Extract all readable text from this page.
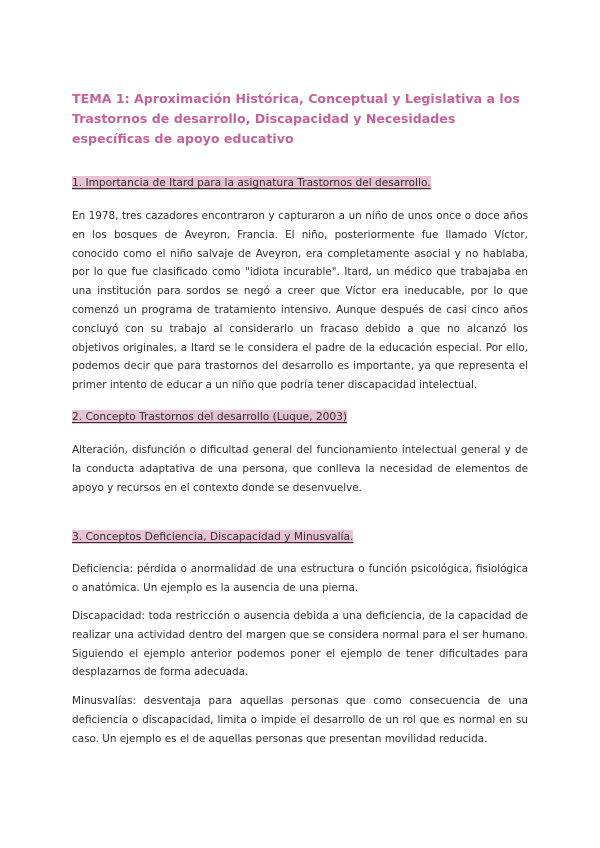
TEMA 1: Aproximación Histórica, Conceptual y Legislativa a los Trastornos de desarrollo, Discapacidad y Necesidades específicas de apoyo educativo

1. Importancia de Itard para la asignatura Trastornos del desarrollo.

En 1978, tres cazadores encontraron y capturaron a un niño de unos once o doce años en los bosques de Aveyron, Francia. El niño, posteriormente fue llamado Víctor, conocido como el niño salvaje de Aveyron, era completamente asocial y no hablaba, por lo que fue clasificado como "idiota incurable". Itard, un médico que trabajaba en una institución para sordos se negó a creer que Víctor era ineducable, por lo que comenzó un programa de tratamiento intensivo. Aunque después de casi cinco años concluyó con su trabajo al considerarlo un fracaso debido a que no alcanzó los objetivos originales, a Itard se le considera el padre de la educación especial. Por ello, podemos decir que para trastornos del desarrollo es importante, ya que representa el primer intento de educar a un niño que podría tener discapacidad intelectual.

2. Concepto Trastornos del desarrollo (Luque, 2003)

Alteración, disfunción o dificultad general del funcionamiento intelectual general y de la conducta adaptativa de una persona, que conlleva la necesidad de elementos de apoyo y recursos en el contexto donde se desenvuelve.

3. Conceptos Deficiencia, Discapacidad y Minusvalía.

Deficiencia: pérdida o anormalidad de una estructura o función psicológica, fisiológica o anatómica. Un ejemplo es la ausencia de una pierna.

Discapacidad: toda restricción o ausencia debida a una deficiencia, de la capacidad de realizar una actividad dentro del margen que se considera normal para el ser humano. Siguiendo el ejemplo anterior podemos poner el ejemplo de tener dificultades para desplazarnos de forma adecuada.

Minusvalías: desventaja para aquellas personas que como consecuencia de una deficiencia o discapacidad, limita o impide el desarrollo de un rol que es normal en su caso. Un ejemplo es el de aquellas personas que presentan movilidad reducida.
